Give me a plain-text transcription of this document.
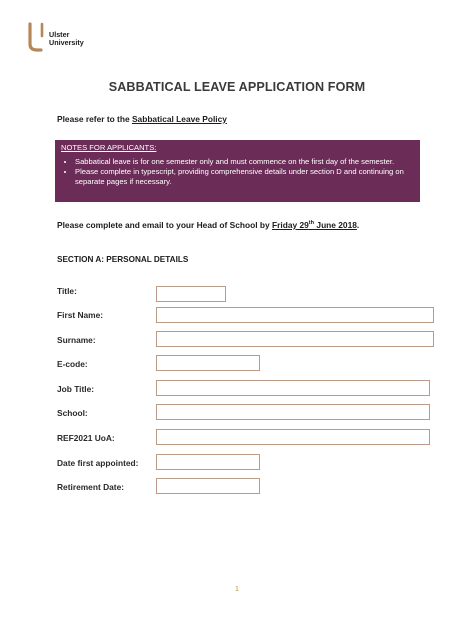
Ulster
University
SABBATICAL LEAVE APPLICATION FORM
Please refer to the Sabbatical Leave Policy
NOTES FOR APPLICANTS:
• Sabbatical leave is for one semester only and must commence on the first day of the semester.
• Please complete in typescript, providing comprehensive details under section D and continuing on separate pages if necessary.
Please complete and email to your Head of School by Friday 29th June 2018.
SECTION A: PERSONAL DETAILS
Title:
First Name:
Surname:
E-code:
Job Title:
School:
REF2021 UoA:
Date first appointed:
Retirement Date:
1
